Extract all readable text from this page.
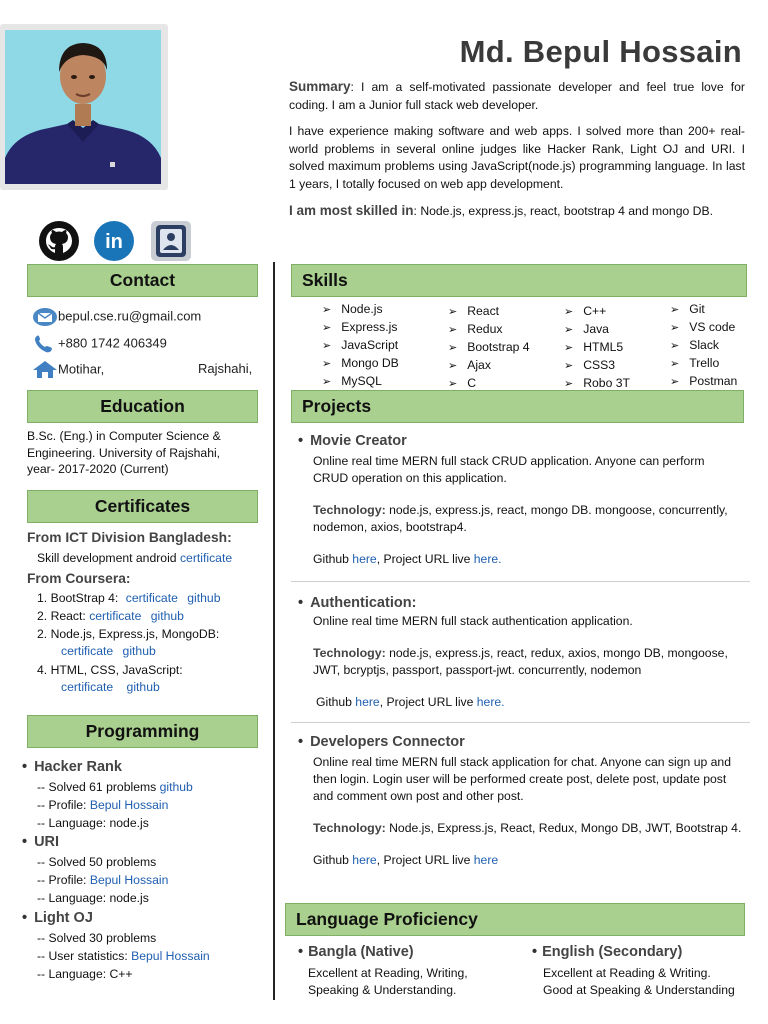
Md. Bepul Hossain

Summary: I am a self-motivated passionate developer and feel true love for coding. I am a Junior full stack web developer.

I have experience making software and web apps. I solved more than 200+ real-world problems in several online judges like Hacker Rank, Light OJ and URI. I solved maximum problems using JavaScript(node.js) programming language. In last 1 years, I totally focused on web app development.

I am most skilled in: Node.js, express.js, react, bootstrap 4 and mongo DB.

in
Contact
bepul.cse.ru@gmail.com
+880 1742 406349
Motihar,	Rajshahi,
Education
B.Sc. (Eng.) in Computer Science & Engineering. University of Rajshahi, year- 2017-2020 (Current)
Certificates
From ICT Division Bangladesh:
Skill development android certificate
From Coursera:
1. BootStrap 4: certificate github
2. React: certificate github
2. Node.js, Express.js, MongoDB:
certificate github
4. HTML, CSS, JavaScript:
certificate github
Programming
• Hacker Rank
-- Solved 61 problems github
-- Profile: Bepul Hossain
-- Language: node.js
• URI
-- Solved 50 problems
-- Profile: Bepul Hossain
-- Language: node.js
• Light OJ
-- Solved 30 problems
-- User statistics: Bepul Hossain
-- Language: C++
Skills
➢ Node.js
➢ Express.js
➢ JavaScript
➢ Mongo DB
➢ MySQL
➢ React
➢ Redux
➢ Bootstrap 4
➢ Ajax
➢ C
➢ C++
➢ Java
➢ HTML5
➢ CSS3
➢ Robo 3T
➢ Git
➢ VS code
➢ Slack
➢ Trello
➢ Postman
Projects
• Movie Creator
Online real time MERN full stack CRUD application. Anyone can perform CRUD operation on this application.
Technology: node.js, express.js, react, mongo DB. mongoose, concurrently, nodemon, axios, bootstrap4.
Github here, Project URL live here.
• Authentication:
Online real time MERN full stack authentication application.
Technology: node.js, express.js, react, redux, axios, mongo DB, mongoose, JWT, bcryptjs, passport, passport-jwt. concurrently, nodemon
Github here, Project URL live here.
• Developers Connector
Online real time MERN full stack application for chat. Anyone can sign up and then login. Login user will be performed create post, delete post, update post and comment own post and other post.
Technology: Node.js, Express.js, React, Redux, Mongo DB, JWT, Bootstrap 4.
Github here, Project URL live here
Language Proficiency
• Bangla (Native)
Excellent at Reading, Writing,
Speaking & Understanding.
• English (Secondary)
Excellent at Reading & Writing.
Good at Speaking & Understanding
